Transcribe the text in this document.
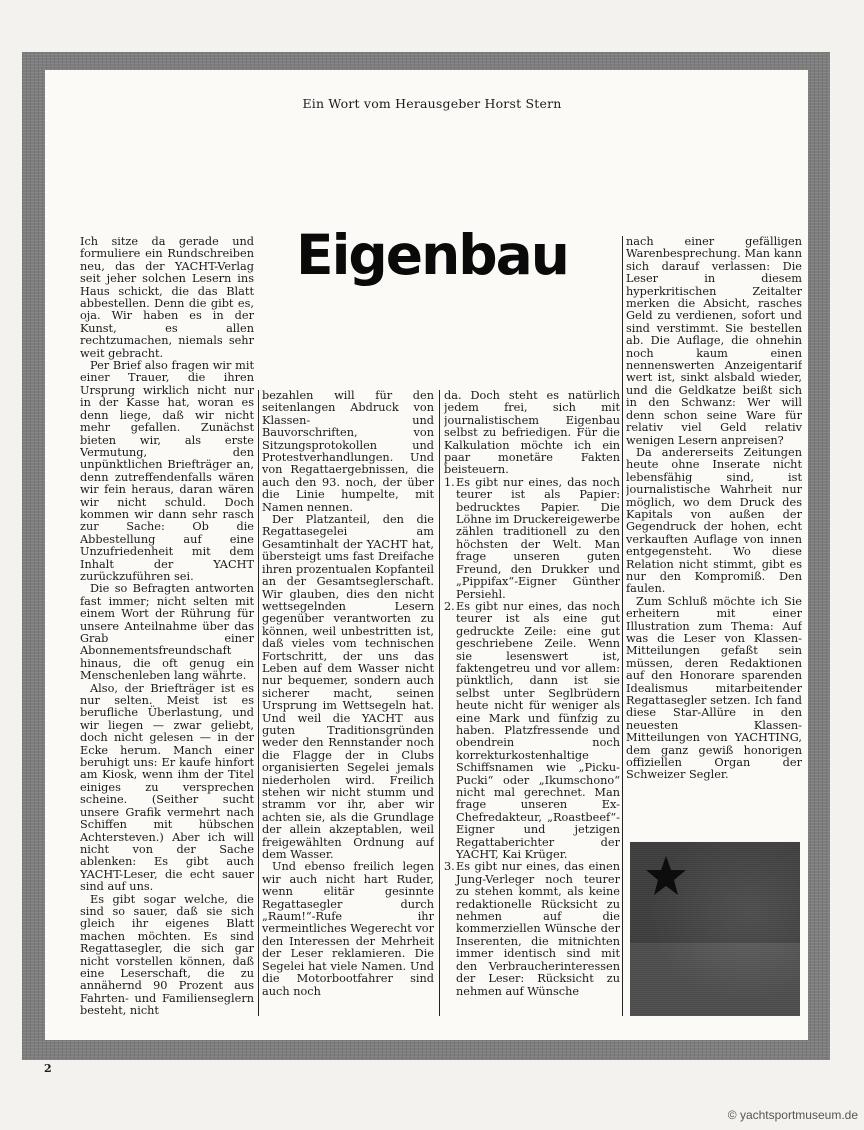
Ein Wort vom Herausgeber Horst Stern
Eigenbau

Ich sitze da gerade und formuliere ein Rundschreiben neu, das der YACHT-Verlag seit jeher solchen Lesern ins Haus schickt, die das Blatt abbestellen. Denn die gibt es, oja. Wir haben es in der Kunst, es allen rechtzumachen, niemals sehr weit gebracht.

Per Brief also fragen wir mit einer Trauer, die ihren Ursprung wirklich nicht nur in der Kasse hat, woran es denn liege, daß wir nicht mehr gefallen. Zunächst bieten wir, als erste Vermutung, den unpünktlichen Briefträger an, denn zutreffendenfalls wären wir fein heraus, daran wären wir nicht schuld. Doch kommen wir dann sehr rasch zur Sache: Ob die Abbestellung auf eine Unzufriedenheit mit dem Inhalt der YACHT zurückzuführen sei.

Die so Befragten antworten fast immer; nicht selten mit einem Wort der Rührung für unsere Anteilnahme über das Grab einer Abonnementsfreundschaft hinaus, die oft genug ein Menschenleben lang währte.

Also, der Briefträger ist es nur selten. Meist ist es berufliche Überlastung, und wir liegen — zwar geliebt, doch nicht gelesen — in der Ecke herum. Manch einer beruhigt uns: Er kaufe hinfort am Kiosk, wenn ihm der Titel einiges zu versprechen scheine. (Seither sucht unsere Grafik vermehrt nach Schiffen mit hübschen Achtersteven.) Aber ich will nicht von der Sache ablenken: Es gibt auch YACHT-Leser, die echt sauer sind auf uns.

Es gibt sogar welche, die sind so sauer, daß sie sich gleich ihr eigenes Blatt machen möchten. Es sind Regattasegler, die sich gar nicht vorstellen können, daß eine Leserschaft, die zu annähernd 90 Prozent aus Fahrten- und Familienseglern besteht, nicht

bezahlen will für den seitenlangen Abdruck von Klassen- und Bauvorschriften, von Sitzungsprotokollen und Protestverhandlungen. Und von Regattaergebnissen, die auch den 93. noch, der über die Linie humpelte, mit Namen nennen.

Der Platzanteil, den die Regattasegelei am Gesamtinhalt der YACHT hat, übersteigt ums fast Dreifache ihren prozentualen Kopfanteil an der Gesamtseglerschaft. Wir glauben, dies den nicht wettsegelnden Lesern gegenüber verantworten zu können, weil unbestritten ist, daß vieles vom technischen Fortschritt, der uns das Leben auf dem Wasser nicht nur bequemer, sondern auch sicherer macht, seinen Ursprung im Wettsegeln hat. Und weil die YACHT aus guten Traditionsgründen weder den Rennstander noch die Flagge der in Clubs organisierten Segelei jemals niederholen wird. Freilich stehen wir nicht stumm und stramm vor ihr, aber wir achten sie, als die Grundlage der allein akzeptablen, weil freigewählten Ordnung auf dem Wasser.

Und ebenso freilich legen wir auch nicht hart Ruder, wenn elitär gesinnte Regattasegler durch „Raum!“-Rufe ihr vermeintliches Wegerecht vor den Interessen der Mehrheit der Leser reklamieren. Die Segelei hat viele Namen. Und die Motorbootfahrer sind auch noch

da. Doch steht es natürlich jedem frei, sich mit journalistischem Eigenbau selbst zu befriedigen. Für die Kalkulation möchte ich ein paar monetäre Fakten beisteuern.

1. Es gibt nur eines, das noch teurer ist als Papier: bedrucktes Papier. Die Löhne im Druckereigewerbe zählen traditionell zu den höchsten der Welt. Man frage unseren guten Freund, den Drukker und „Pippifax“-Eigner Günther Persiehl.
2. Es gibt nur eines, das noch teurer ist als eine gut gedruckte Zeile: eine gut geschriebene Zeile. Wenn sie lesenswert ist, faktengetreu und vor allem: pünktlich, dann ist sie selbst unter Seglbrüdern heute nicht für weniger als eine Mark und fünfzig zu haben. Platzfressende und obendrein noch korrekturkostenhaltige Schiffsnamen wie „Picku-Pucki“ oder „Ikumschono“ nicht mal gerechnet. Man frage unseren Ex-Chefredakteur, „Roastbeef“-Eigner und jetzigen Regattaberichter der YACHT, Kai Krüger.
3. Es gibt nur eines, das einen Jung-Verleger noch teurer zu stehen kommt, als keine redaktionelle Rücksicht zu nehmen auf die kommerziellen Wünsche der Inserenten, die mitnichten immer identisch sind mit den Verbraucherinteressen der Leser: Rücksicht zu nehmen auf Wünsche

nach einer gefälligen Warenbesprechung. Man kann sich darauf verlassen: Die Leser in diesem hyperkritischen Zeitalter merken die Absicht, rasches Geld zu verdienen, sofort und sind verstimmt. Sie bestellen ab. Die Auflage, die ohnehin noch kaum einen nennenswerten Anzeigentarif wert ist, sinkt alsbald wieder, und die Geldkatze beißt sich in den Schwanz: Wer will denn schon seine Ware für relativ viel Geld relativ wenigen Lesern anpreisen?

Da andererseits Zeitungen heute ohne Inserate nicht lebensfähig sind, ist journalistische Wahrheit nur möglich, wo dem Druck des Kapitals von außen der Gegendruck der hohen, echt verkauften Auflage von innen entgegensteht. Wo diese Relation nicht stimmt, gibt es nur den Kompromiß. Den faulen.

Zum Schluß möchte ich Sie erheitern mit einer Illustration zum Thema: Auf was die Leser von Klassen-Mitteilungen gefaßt sein müssen, deren Redaktionen auf den Honorare sparenden Idealismus mitarbeitender Regattasegler setzen. Ich fand diese Star-Allüre in den neuesten Klassen-Mitteilungen von YACHTING, dem ganz gewiß honorigen offiziellen Organ der Schweizer Segler.

2
© yachtsportmuseum.de
